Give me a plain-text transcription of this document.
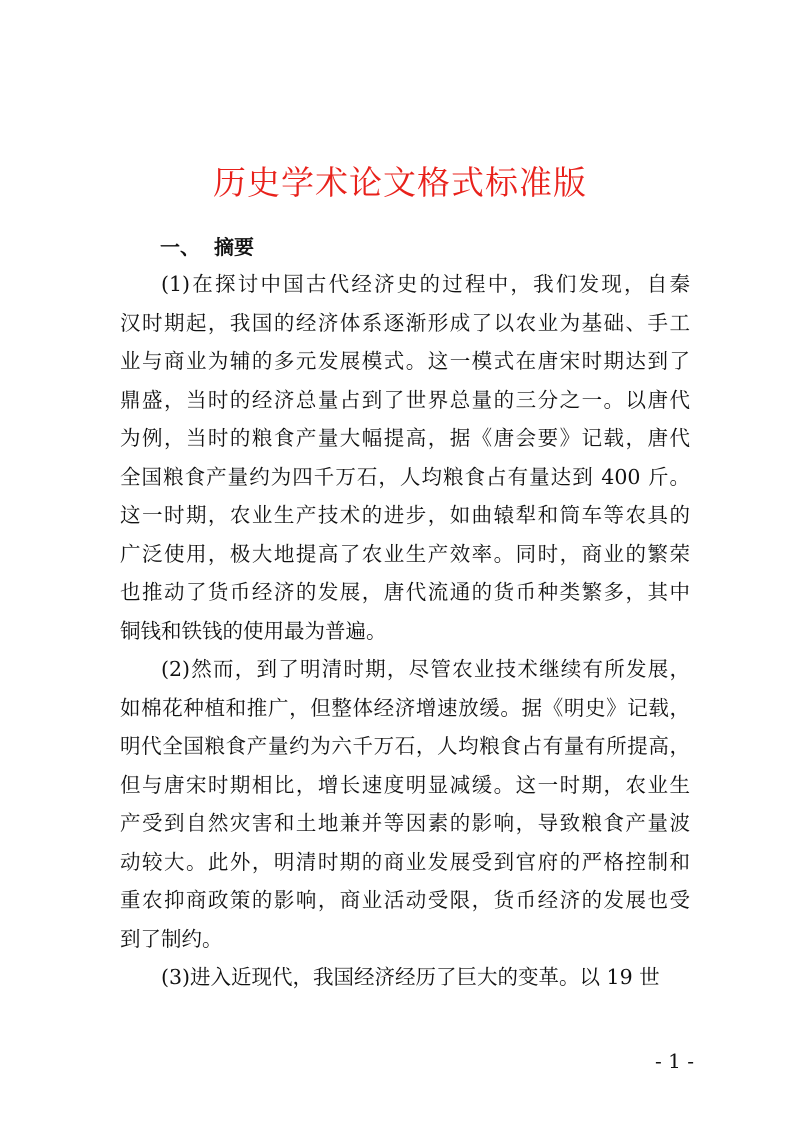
历史学术论文格式标准版
一、 摘要
(1)在探讨中国古代经济史的过程中，我们发现，自秦
汉时期起，我国的经济体系逐渐形成了以农业为基础、手工
业与商业为辅的多元发展模式。这一模式在唐宋时期达到了
鼎盛，当时的经济总量占到了世界总量的三分之一。以唐代
为例，当时的粮食产量大幅提高，据《唐会要》记载，唐代
全国粮食产量约为四千万石，人均粮食占有量达到 400 斤。
这一时期，农业生产技术的进步，如曲辕犁和筒车等农具的
广泛使用，极大地提高了农业生产效率。同时，商业的繁荣
也推动了货币经济的发展，唐代流通的货币种类繁多，其中
铜钱和铁钱的使用最为普遍。
(2)然而，到了明清时期，尽管农业技术继续有所发展，
如棉花种植和推广，但整体经济增速放缓。据《明史》记载，
明代全国粮食产量约为六千万石，人均粮食占有量有所提高，
但与唐宋时期相比，增长速度明显减缓。这一时期，农业生
产受到自然灾害和土地兼并等因素的影响，导致粮食产量波
动较大。此外，明清时期的商业发展受到官府的严格控制和
重农抑商政策的影响，商业活动受限，货币经济的发展也受
到了制约。
(3)进入近现代，我国经济经历了巨大的变革。以 19 世
- 1 -
